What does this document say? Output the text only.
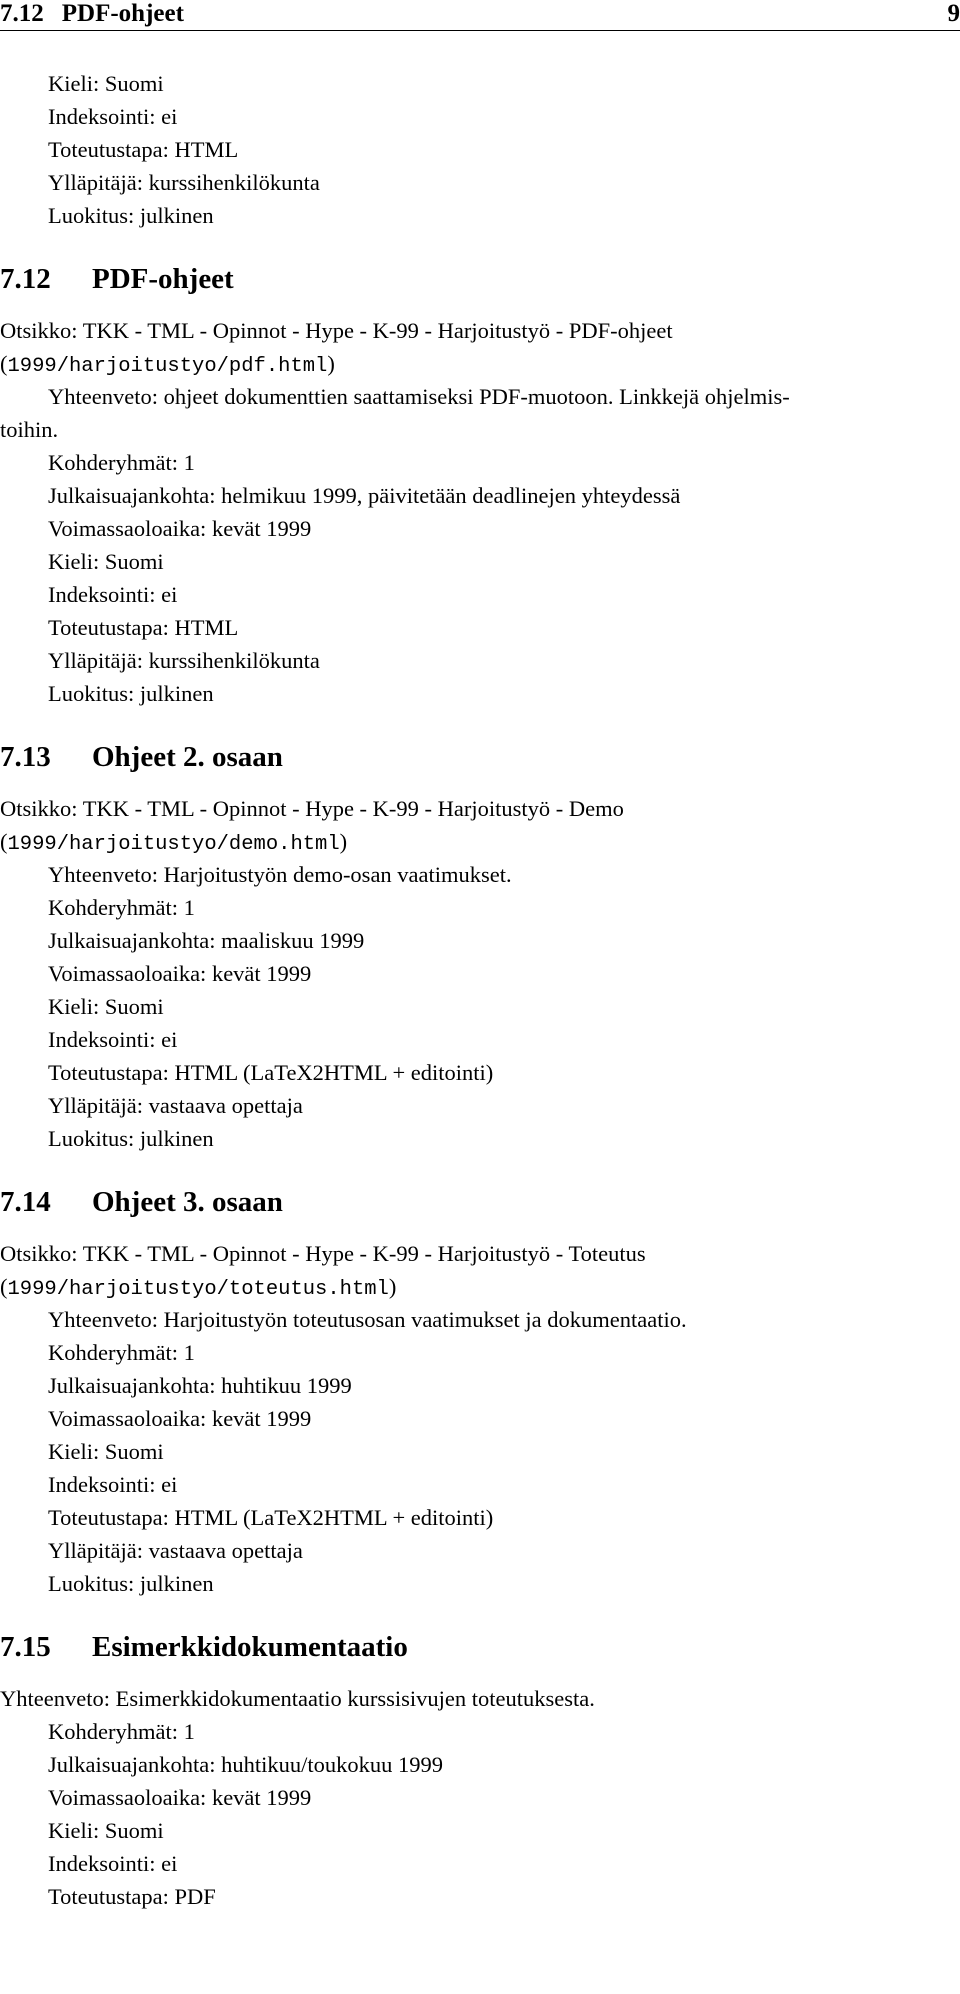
7.12 PDF-ohjeet	9
Kieli: Suomi
Indeksointi: ei
Toteutustapa: HTML
Ylläpitäjä: kurssihenkilökunta
Luokitus: julkinen
7.12 PDF-ohjeet
Otsikko: TKK - TML - Opinnot - Hype - K-99 - Harjoitustyö - PDF-ohjeet
(1999/harjoitustyo/pdf.html)
Yhteenveto: ohjeet dokumenttien saattamiseksi PDF-muotoon. Linkkejä ohjelmis-
toihin.
Kohderyhmät: 1
Julkaisuajankohta: helmikuu 1999, päivitetään deadlinejen yhteydessä
Voimassaoloaika: kevät 1999
Kieli: Suomi
Indeksointi: ei
Toteutustapa: HTML
Ylläpitäjä: kurssihenkilökunta
Luokitus: julkinen
7.13 Ohjeet 2. osaan
Otsikko: TKK - TML - Opinnot - Hype - K-99 - Harjoitustyö - Demo
(1999/harjoitustyo/demo.html)
Yhteenveto: Harjoitustyön demo-osan vaatimukset.
Kohderyhmät: 1
Julkaisuajankohta: maaliskuu 1999
Voimassaoloaika: kevät 1999
Kieli: Suomi
Indeksointi: ei
Toteutustapa: HTML (LaTeX2HTML + editointi)
Ylläpitäjä: vastaava opettaja
Luokitus: julkinen
7.14 Ohjeet 3. osaan
Otsikko: TKK - TML - Opinnot - Hype - K-99 - Harjoitustyö - Toteutus
(1999/harjoitustyo/toteutus.html)
Yhteenveto: Harjoitustyön toteutusosan vaatimukset ja dokumentaatio.
Kohderyhmät: 1
Julkaisuajankohta: huhtikuu 1999
Voimassaoloaika: kevät 1999
Kieli: Suomi
Indeksointi: ei
Toteutustapa: HTML (LaTeX2HTML + editointi)
Ylläpitäjä: vastaava opettaja
Luokitus: julkinen
7.15 Esimerkkidokumentaatio
Yhteenveto: Esimerkkidokumentaatio kurssisivujen toteutuksesta.
Kohderyhmät: 1
Julkaisuajankohta: huhtikuu/toukokuu 1999
Voimassaoloaika: kevät 1999
Kieli: Suomi
Indeksointi: ei
Toteutustapa: PDF
